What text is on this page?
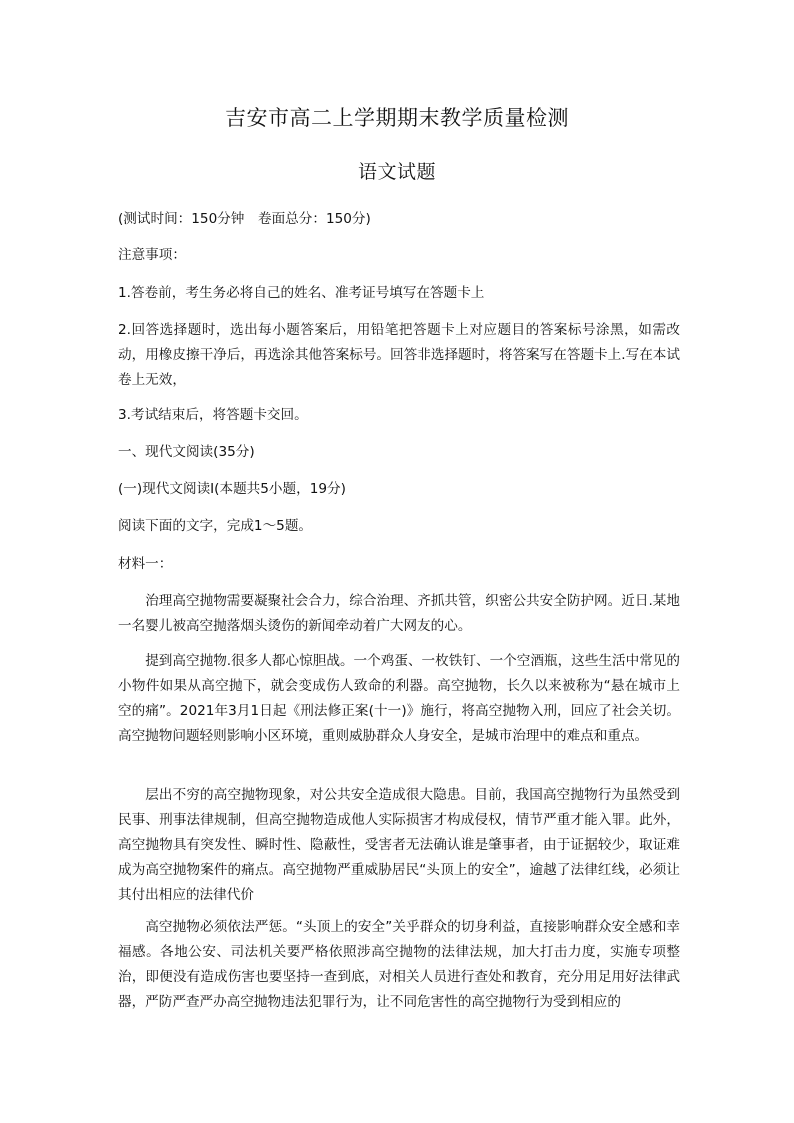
吉安市高二上学期期末教学质量检测
语文试题
(测试时间：150分钟　卷面总分：150分)
注意事项：
1.答卷前，考生务必将自己的姓名、准考证号填写在答题卡上
2.回答选择题时，选出每小题答案后，用铅笔把答题卡上对应题目的答案标号涂黑，如需改动，用橡皮擦干净后，再选涂其他答案标号。回答非选择题时，将答案写在答题卡上.写在本试卷上无效，
3.考试结束后，将答题卡交回。
一、现代文阅读(35分)
(一)现代文阅读I(本题共5小题，19分)
阅读下面的文字，完成1～5题。
材料一：
治理高空抛物需要凝聚社会合力，综合治理、齐抓共管，织密公共安全防护网。近日.某地一名婴儿被高空抛落烟头烫伤的新闻牵动着广大网友的心。
提到高空抛物.很多人都心惊胆战。一个鸡蛋、一枚铁钉、一个空酒瓶，这些生活中常见的小物件如果从高空抛下，就会变成伤人致命的利器。高空抛物，长久以来被称为“悬在城市上空的痛”。2021年3月1日起《刑法修正案(十一)》施行，将高空抛物入刑，回应了社会关切。高空抛物问题轻则影响小区环境，重则威胁群众人身安全，是城市治理中的难点和重点。
层出不穷的高空抛物现象，对公共安全造成很大隐患。目前，我国高空抛物行为虽然受到民事、刑事法律规制，但高空抛物造成他人实际损害才构成侵权，情节严重才能入罪。此外，高空抛物具有突发性、瞬时性、隐蔽性，受害者无法确认谁是肇事者，由于证据较少，取证难成为高空抛物案件的痛点。高空抛物严重威胁居民“头顶上的安全”，逾越了法律红线，必须让其付出相应的法律代价
高空抛物必须依法严惩。“头顶上的安全”关乎群众的切身利益，直接影响群众安全感和幸福感。各地公安、司法机关要严格依照涉高空抛物的法律法规，加大打击力度，实施专项整治，即便没有造成伤害也要坚持一查到底，对相关人员进行查处和教育，充分用足用好法律武器，严防严查严办高空抛物违法犯罪行为，让不同危害性的高空抛物行为受到相应的
